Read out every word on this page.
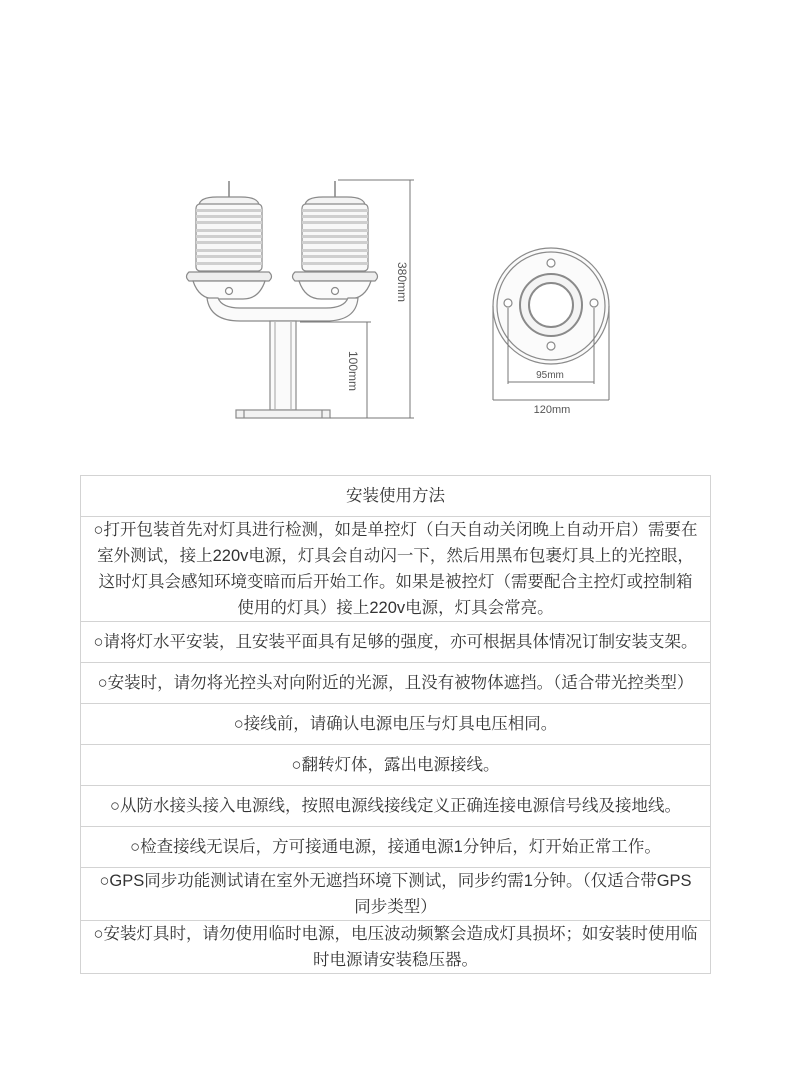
380mm
100mm	95mm
120mm
安装使用方法
○打开包装首先对灯具进行检测，如是单控灯（白天自动关闭晚上自动开启）需要在室外测试，接上220v电源，灯具会自动闪一下，然后用黑布包裹灯具上的光控眼，这时灯具会感知环境变暗而后开始工作。如果是被控灯（需要配合主控灯或控制箱使用的灯具）接上220v电源，灯具会常亮。
○请将灯水平安装，且安装平面具有足够的强度，亦可根据具体情况订制安装支架。
○安装时，请勿将光控头对向附近的光源，且没有被物体遮挡。（适合带光控类型）
○接线前，请确认电源电压与灯具电压相同。
○翻转灯体，露出电源接线。
○从防水接头接入电源线，按照电源线接线定义正确连接电源信号线及接地线。
○检查接线无误后，方可接通电源，接通电源1分钟后，灯开始正常工作。
○GPS同步功能测试请在室外无遮挡环境下测试，同步约需1分钟。（仅适合带GPS同步类型）
○安装灯具时，请勿使用临时电源，电压波动频繁会造成灯具损坏；如安装时使用临时电源请安装稳压器。
